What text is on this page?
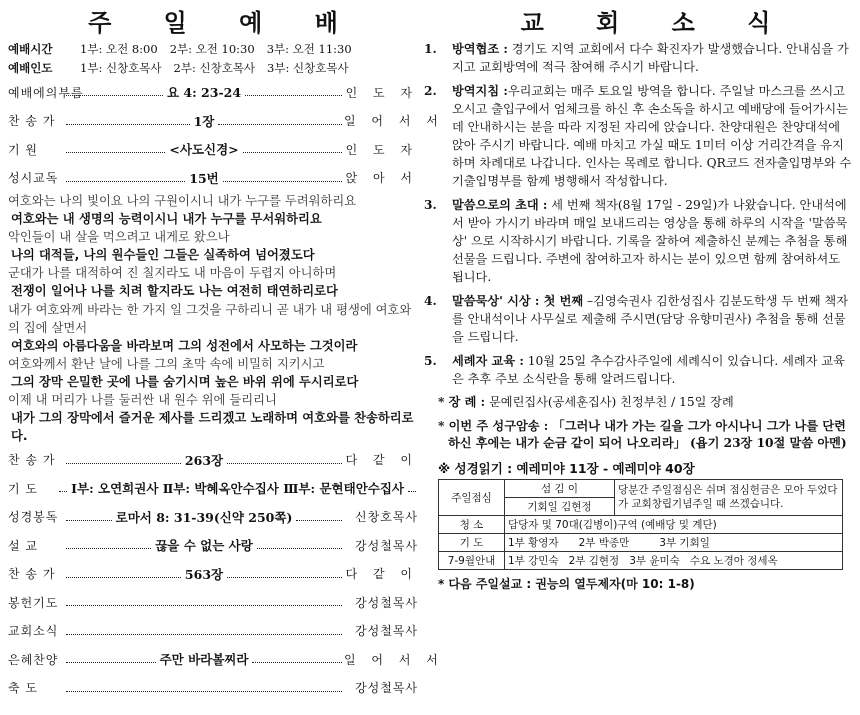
주 일 예 배
예배시간 1부: 오전 8:00 2부: 오전 10:30 3부: 오전 11:30
예배인도 1부: 신창호목사 2부: 신창호목사 3부: 신창호목사
예배에의부름	요 4: 23-24	인 도 자
찬 송 가	1장	일 어 서 서
기 원	<사도신경>	인 도 자
성시교독	15번	앉 아 서
여호와는 나의 빛이요 나의 구원이시니 내가 누구를 두려워하리요
여호와는 내 생명의 능력이시니 내가 누구를 무서워하리요
악인들이 내 살을 먹으려고 내게로 왔으나
나의 대적들, 나의 원수들인 그들은 실족하여 넘어졌도다
군대가 나를 대적하여 진 칠지라도 내 마음이 두렵지 아니하며
전쟁이 일어나 나를 치려 할지라도 나는 여전히 태연하리로다
내가 여호와께 바라는 한 가지 일 그것을 구하리니 곧 내가 내 평생에 여호와의 집에 살면서
여호와의 아름다움을 바라보며 그의 성전에서 사모하는 그것이라
여호와께서 환난 날에 나를 그의 초막 속에 비밀히 지키시고
그의 장막 은밀한 곳에 나를 숨기시며 높은 바위 위에 두시리로다
이제 내 머리가 나를 둘러싼 내 원수 위에 들리리니
내가 그의 장막에서 즐거운 제사를 드리겠고 노래하며 여호와를 찬송하리로다.
찬 송 가	263장	다 같 이
기 도	Ⅰ부: 오연희권사 Ⅱ부: 박혜옥안수집사 Ⅲ부: 문현태안수집사
성경봉독	로마서 8: 31-39(신약 250쪽)	신창호목사
설 교	끊을 수 없는 사랑	강성철목사
찬 송 가	563장	다 같 이
봉헌기도	강성철목사
교회소식	강성철목사
은혜찬양	주만 바라볼찌라	일 어 서 서
축 도	강성철목사
교 회 소 식
1. 방역협조 : 경기도 지역 교회에서 다수 확진자가 발생했습니다. 안내심을 가지고 교회방역에 적극 참여해 주시기 바랍니다.
2. 방역지침 :우리교회는 매주 토요일 방역을 합니다. 주일날 마스크를 쓰시고 오시고 출입구에서 엄체크를 하신 후 손소독을 하시고 예배당에 들어가시는데 안내하시는 분을 따라 지정된 자리에 앉습니다. 찬양대원은 찬양대석에 앉아 주시기 바랍니다. 예배 마치고 가실 때도 1미터 이상 거리간격을 유지하며 차례대로 나갑니다. 인사는 목례로 합니다. QR코드 전자출입명부와 수기출입명부를 함께 병행해서 작성합니다.
3. 말씀으로의 초대 : 세 번째 책자(8월 17일 - 29일)가 나왔습니다. 안내석에서 받아 가시기 바라며 매일 보내드리는 영상을 통해 하루의 시작을 '말씀묵상' 으로 시작하시기 바랍니다. 기록을 잘하여 제출하신 분께는 추첨을 통해 선물을 드립니다. 주변에 참여하고자 하시는 분이 있으면 함께 참여하셔도 됩니다.
4. 말씀묵상' 시상 : 첫 번째 –김영숙권사 김한성집사 김분도학생 두 번째 책자를 안내석이나 사무실로 제출해 주시면(담당 유향미권사) 추첨을 통해 선물을 드립니다.
5. 세례자 교육 : 10월 25일 추수감사주일에 세례식이 있습니다. 세례자 교육은 추후 주보 소식란을 통해 알려드립니다.
* 장 례 : 문예린집사(공세훈집사) 친정부친 / 15일 장례
* 이번 주 성구암송 : 「그러나 내가 가는 길을 그가 아시나니 그가 나를 단련하신 후에는 내가 순금 같이 되어 나오리라」 (욥기 23장 10절 말씀 아멘)
※ 성경읽기 : 예레미야 11장 - 예레미야 40장
주일점심	섬 김 이	당분간 주일점심은 쉬며 점심헌금은 모아 두었다가 교회창립기념주일 때 쓰겠습니다.
	기회일 김현정	
청 소	담당자 및 70대(김병이)구역 (예배당 및 계단)	
기 도	1부 황영자 2부 박종만 3부 기회일	
7-9월안내	1부 강민숙 2부 김현정 3부 윤미숙 수요 노경아 정세옥	
* 다음 주일설교 : 권능의 열두제자(마 10: 1-8)
